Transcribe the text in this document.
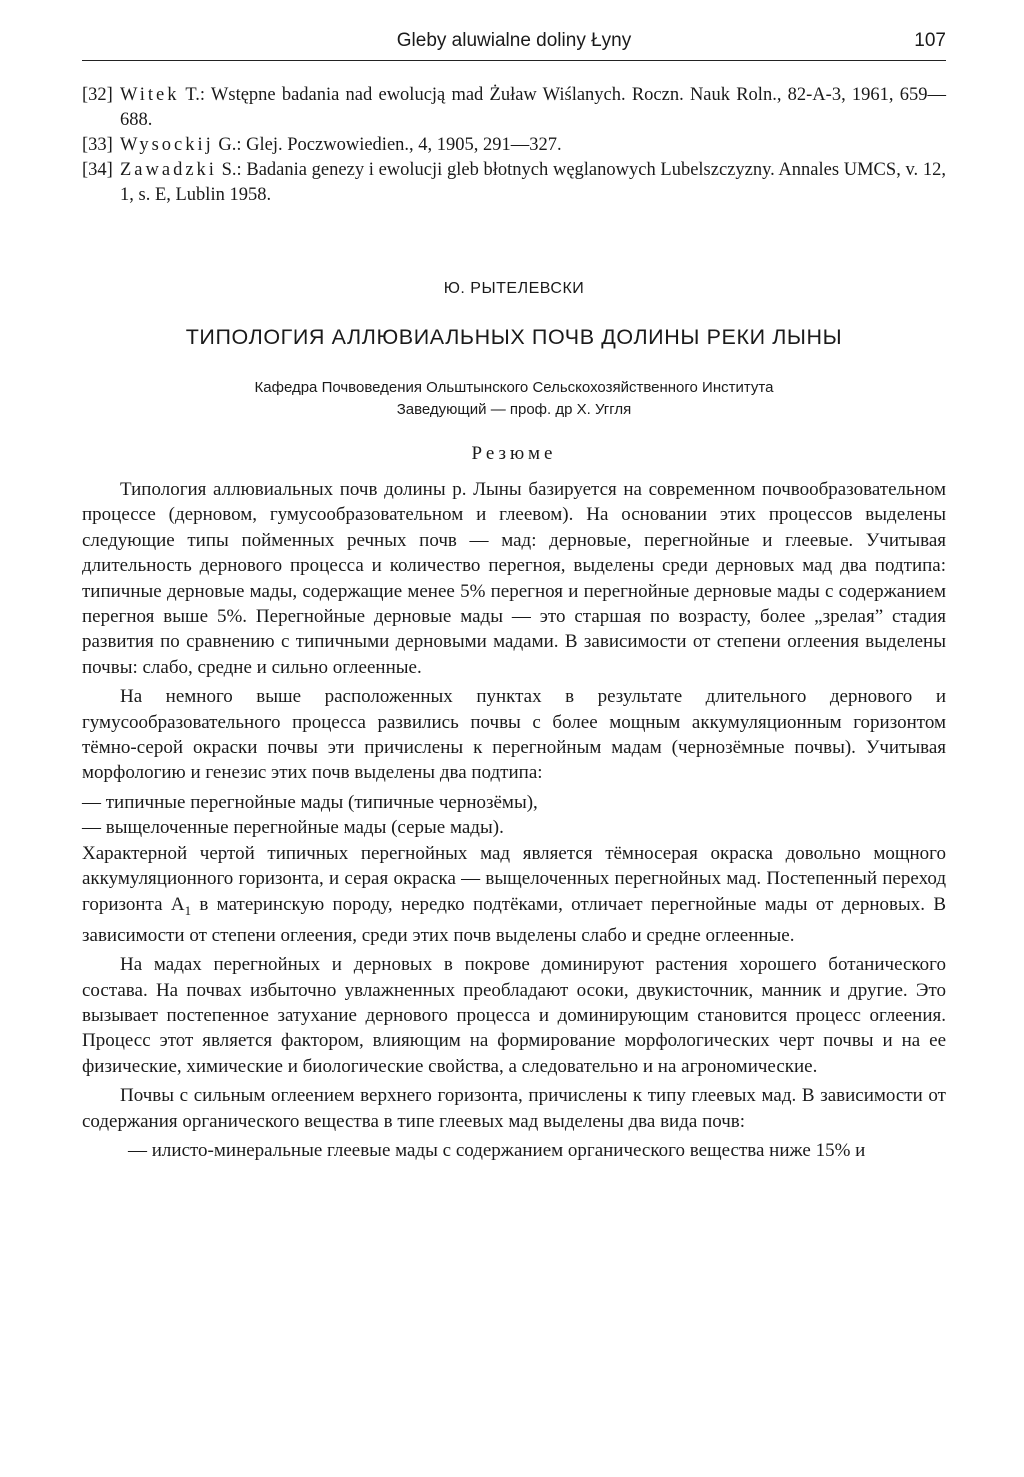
Gleby aluwialne doliny Łyny	107
[32] Witek T.: Wstępne badania nad ewolucją mad Żuław Wiślanych. Roczn. Nauk Roln., 82-A-3, 1961, 659—688.
[33] Wysockij G.: Glej. Poczwowiedien., 4, 1905, 291—327.
[34] Zawadzki S.: Badania genezy i ewolucji gleb błotnych węglanowych Lubelszczyzny. Annales UMCS, v. 12, 1, s. E, Lublin 1958.
Ю. РЫТЕЛЕВСКИ
ТИПОЛОГИЯ АЛЛЮВИАЛЬНЫХ ПОЧВ ДОЛИНЫ РЕКИ ЛЫНЫ
Кафедра Почвоведения Ольштынского Сельскохозяйственного Института
Заведующий — проф. др X. Уггля
Резюме

Типология аллювиальных почв долины р. Лыны базируется на современном почвообразовательном процессе (дерновом, гумусообразовательном и глеевом). На основании этих процессов выделены следующие типы пойменных речных почв — мад: дерновые, перегнойные и глеевые. Учитывая длительность дернового процесса и количество перегноя, выделены среди дерновых мад два подтипа: типичные дерновые мады, содержащие менее 5% перегноя и перегнойные дерновые мады с содержанием перегноя выше 5%. Перегнойные дерновые мады — это старшая по возрасту, более „зрелая” стадия развития по сравнению с типичными дерновыми мадами. В зависимости от степени оглеения выделены почвы: слабо, средне и сильно оглеенные.

На немного выше расположенных пунктах в результате длительного дернового и гумусообразовательного процесса развились почвы с более мощным аккумуляционным горизонтом тёмно-серой окраски почвы эти причислены к перегнойным мадам (чернозёмные почвы). Учитывая морфологию и генезис этих почв выделены два подтипа:

— типичные перегнойные мады (типичные чернозёмы),

— выщелоченные перегнойные мады (серые мады).

Характерной чертой типичных перегнойных мад является тёмносерая окраска довольно мощного аккумуляционного горизонта, и серая окраска — выщелоченных перегнойных мад. Постепенный переход горизонта $A_1$ в материнскую породу, нередко подтёками, отличает перегнойные мады от дерновых. В зависимости от степени оглеения, среди этих почв выделены слабо и средне оглеенные.

На мадах перегнойных и дерновых в покрове доминируют растения хорошего ботанического состава. На почвах избыточно увлажненных преобладают осоки, двукисточник, манник и другие. Это вызывает постепенное затухание дернового процесса и доминирующим становится процесс оглеения. Процесс этот является фактором, влияющим на формирование морфологических черт почвы и на ее физические, химические и биологические свойства, а следовательно и на агрономические.

Почвы с сильным оглеением верхнего горизонта, причислены к типу глеевых мад. В зависимости от содержания органического вещества в типе глеевых мад выделены два вида почв:

— илисто-минеральные глеевые мады с содержанием органического вещества ниже 15% и
